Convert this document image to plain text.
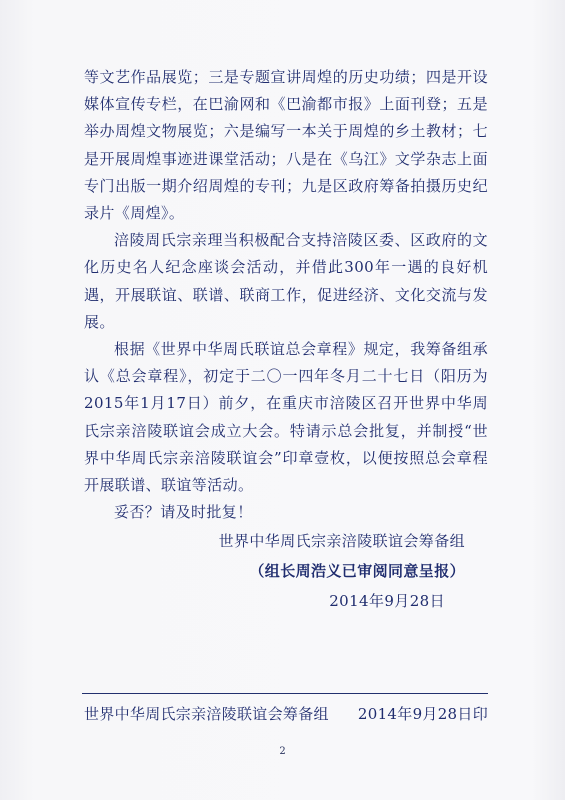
等文艺作品展览；三是专题宣讲周煌的历史功绩；四是开设媒体宣传专栏，在巴渝网和《巴渝都市报》上面刊登；五是举办周煌文物展览；六是编写一本关于周煌的乡土教材；七是开展周煌事迹进课堂活动；八是在《乌江》文学杂志上面专门出版一期介绍周煌的专刊；九是区政府筹备拍摄历史纪录片《周煌》。

涪陵周氏宗亲理当积极配合支持涪陵区委、区政府的文化历史名人纪念座谈会活动，并借此300年一遇的良好机遇，开展联谊、联谱、联商工作，促进经济、文化交流与发展。

根据《世界中华周氏联谊总会章程》规定，我筹备组承认《总会章程》，初定于二〇一四年冬月二十七日（阳历为2015年1月17日）前夕，在重庆市涪陵区召开世界中华周氏宗亲涪陵联谊会成立大会。特请示总会批复，并制授“世界中华周氏宗亲涪陵联谊会”印章壹枚，以便按照总会章程开展联谱、联谊等活动。

妥否？请及时批复！

世界中华周氏宗亲涪陵联谊会筹备组
（组长周浩义已审阅同意呈报）
2014年9月28日
世界中华周氏宗亲涪陵联谊会筹备组 2014年9月28日印
2
